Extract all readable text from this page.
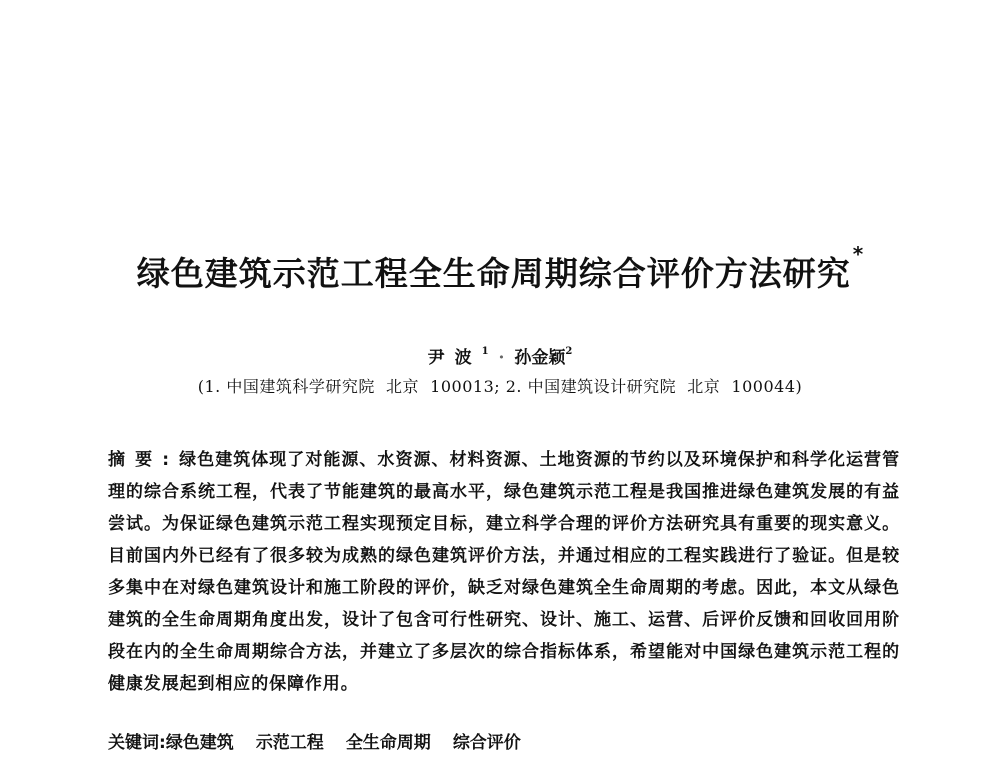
绿色建筑示范工程全生命周期综合评价方法研究 *
尹波$^1$ · 孙金颖$^2$
(1. 中国建筑科学研究院  北京  100013; 2. 中国建筑设计研究院  北京  100044)

摘要:绿色建筑体现了对能源、水资源、材料资源、土地资源的节约以及环境保护和科学化运营管理的综合系统工程，代表了节能建筑的最高水平，绿色建筑示范工程是我国推进绿色建筑发展的有益尝试。为保证绿色建筑示范工程实现预定目标，建立科学合理的评价方法研究具有重要的现实意义。目前国内外已经有了很多较为成熟的绿色建筑评价方法，并通过相应的工程实践进行了验证。但是较多集中在对绿色建筑设计和施工阶段的评价，缺乏对绿色建筑全生命周期的考虑。因此，本文从绿色建筑的全生命周期角度出发，设计了包含可行性研究、设计、施工、运营、后评价反馈和回收回用阶段在内的全生命周期综合方法，并建立了多层次的综合指标体系，希望能对中国绿色建筑示范工程的健康发展起到相应的保障作用。

关键词:绿色建筑 示范工程 全生命周期 综合评价
